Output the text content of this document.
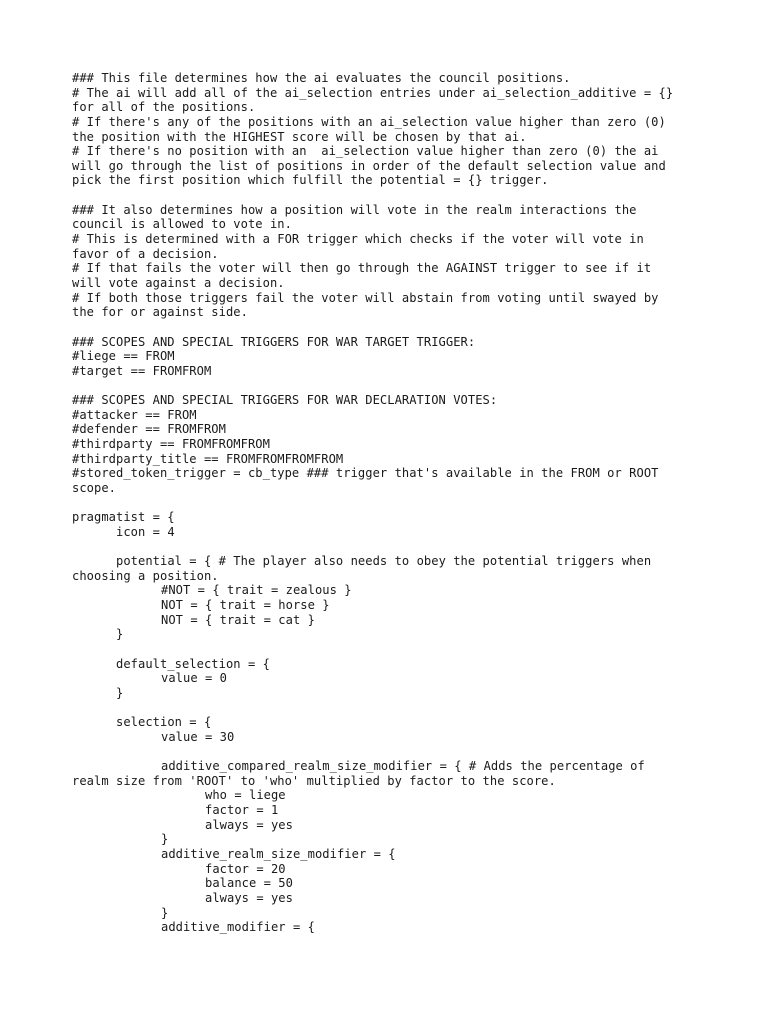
### This file determines how the ai evaluates the council positions.
# The ai will add all of the ai_selection entries under ai_selection_additive = {}
for all of the positions.
# If there's any of the positions with an ai_selection value higher than zero (0)
the position with the HIGHEST score will be chosen by that ai.
# If there's no position with an  ai_selection value higher than zero (0) the ai
will go through the list of positions in order of the default selection value and
pick the first position which fulfill the potential = {} trigger.
### It also determines how a position will vote in the realm interactions the
council is allowed to vote in.
# This is determined with a FOR trigger which checks if the voter will vote in
favor of a decision.
# If that fails the voter will then go through the AGAINST trigger to see if it
will vote against a decision.
# If both those triggers fail the voter will abstain from voting until swayed by
the for or against side.
### SCOPES AND SPECIAL TRIGGERS FOR WAR TARGET TRIGGER:
#liege == FROM
#target == FROMFROM
### SCOPES AND SPECIAL TRIGGERS FOR WAR DECLARATION VOTES:
#attacker == FROM
#defender == FROMFROM
#thirdparty == FROMFROMFROM
#thirdparty_title == FROMFROMFROMFROM
#stored_token_trigger = cb_type ### trigger that's available in the FROM or ROOT
scope.
pragmatist = {
icon = 4
potential = { # The player also needs to obey the potential triggers when
choosing a position.
#NOT = { trait = zealous }
NOT = { trait = horse }
NOT = { trait = cat }
}
default_selection = {
value = 0
}
selection = {
value = 30
additive_compared_realm_size_modifier = { # Adds the percentage of
realm size from 'ROOT' to 'who' multiplied by factor to the score.
who = liege
factor = 1
always = yes
}
additive_realm_size_modifier = {
factor = 20
balance = 50
always = yes
}
additive_modifier = {
